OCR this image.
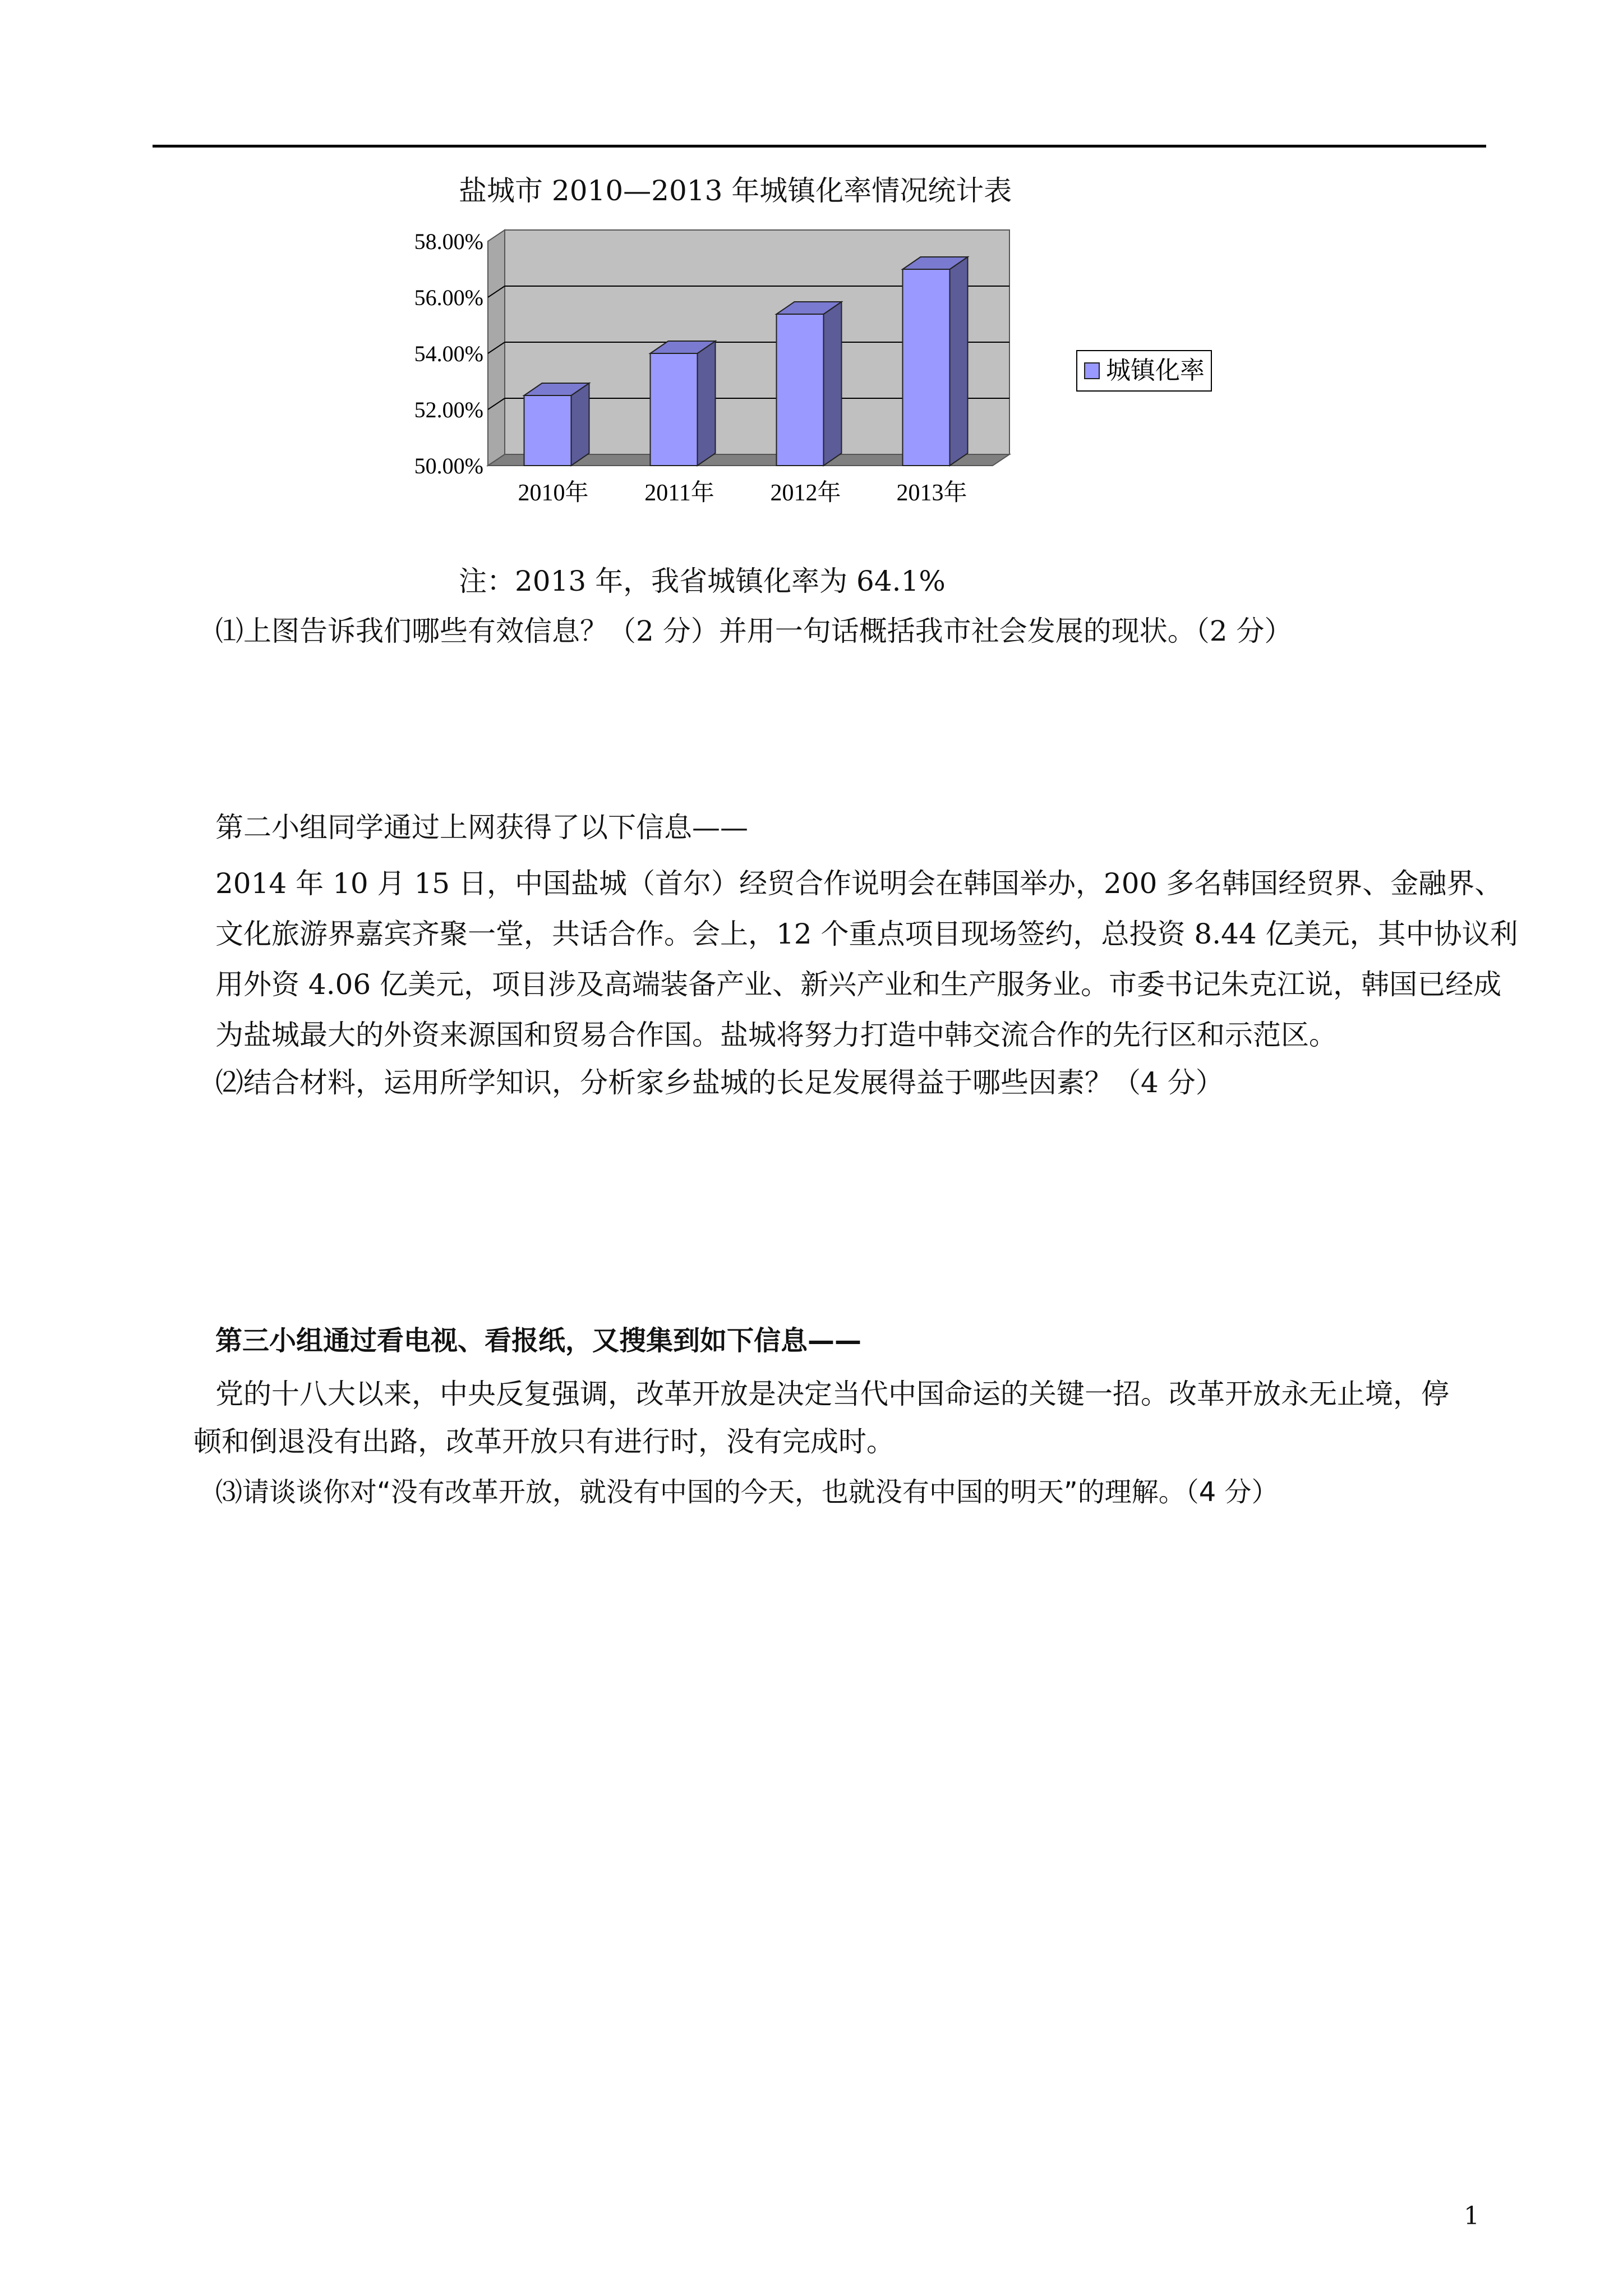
盐城市 2010—2013 年城镇化率情况统计表
58.00%
56.00%
54.00%
52.00%
50.00%
2010年 2011年 2012年 2013年
城镇化率
注：2013 年，我省城镇化率为 64.1%
⑴上图告诉我们哪些有效信息？（2 分）并用一句话概括我市社会发展的现状。（2 分）
第二小组同学通过上网获得了以下信息——
2014 年 10 月 15 日，中国盐城（首尔）经贸合作说明会在韩国举办，200 多名韩国经贸界、金融界、
文化旅游界嘉宾齐聚一堂，共话合作。会上，12 个重点项目现场签约，总投资 8.44 亿美元，其中协议利
用外资 4.06 亿美元，项目涉及高端装备产业、新兴产业和生产服务业。市委书记朱克江说，韩国已经成
为盐城最大的外资来源国和贸易合作国。盐城将努力打造中韩交流合作的先行区和示范区。
⑵结合材料，运用所学知识，分析家乡盐城的长足发展得益于哪些因素？（4 分）
第三小组通过看电视、看报纸，又搜集到如下信息——
党的十八大以来，中央反复强调，改革开放是决定当代中国命运的关键一招。改革开放永无止境，停
顿和倒退没有出路，改革开放只有进行时，没有完成时。
⑶请谈谈你对“没有改革开放，就没有中国的今天，也就没有中国的明天”的理解。（4 分）
1
